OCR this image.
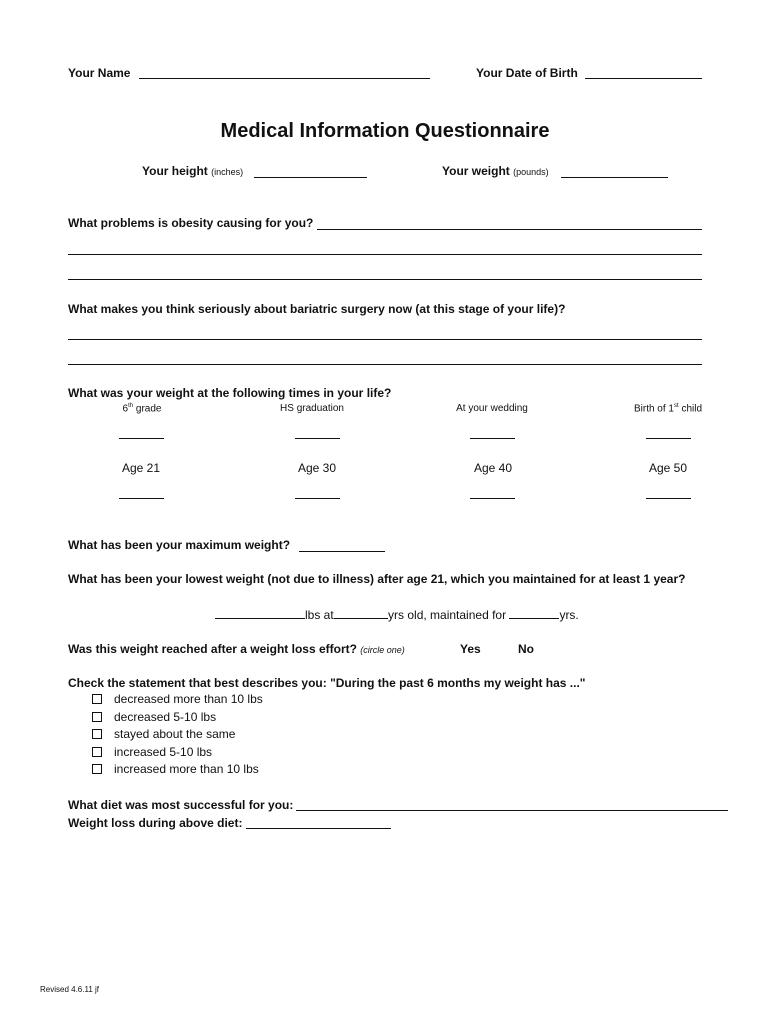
Your Name	Your Date of Birth
Medical Information Questionnaire
Your height (inches)	Your weight (pounds)
What problems is obesity causing for you?
What makes you think seriously about bariatric surgery now (at this stage of your life)?
What was your weight at the following times in your life?
6th grade	HS graduation	At your wedding	Birth of 1st child
Age 21	Age 30	Age 40	Age 50
What has been your maximum weight?
What has been your lowest weight (not due to illness) after age 21, which you maintained for at least 1 year?
lbs at	yrs old, maintained for	yrs.
Was this weight reached after a weight loss effort? (circle one)	Yes	No
Check the statement that best describes you: "During the past 6 months my weight has ..."
decreased more than 10 lbs
decreased 5-10 lbs
stayed about the same
increased 5-10 lbs
increased more than 10 lbs
What diet was most successful for you:
Weight loss during above diet:
Revised 4.6.11 jf
